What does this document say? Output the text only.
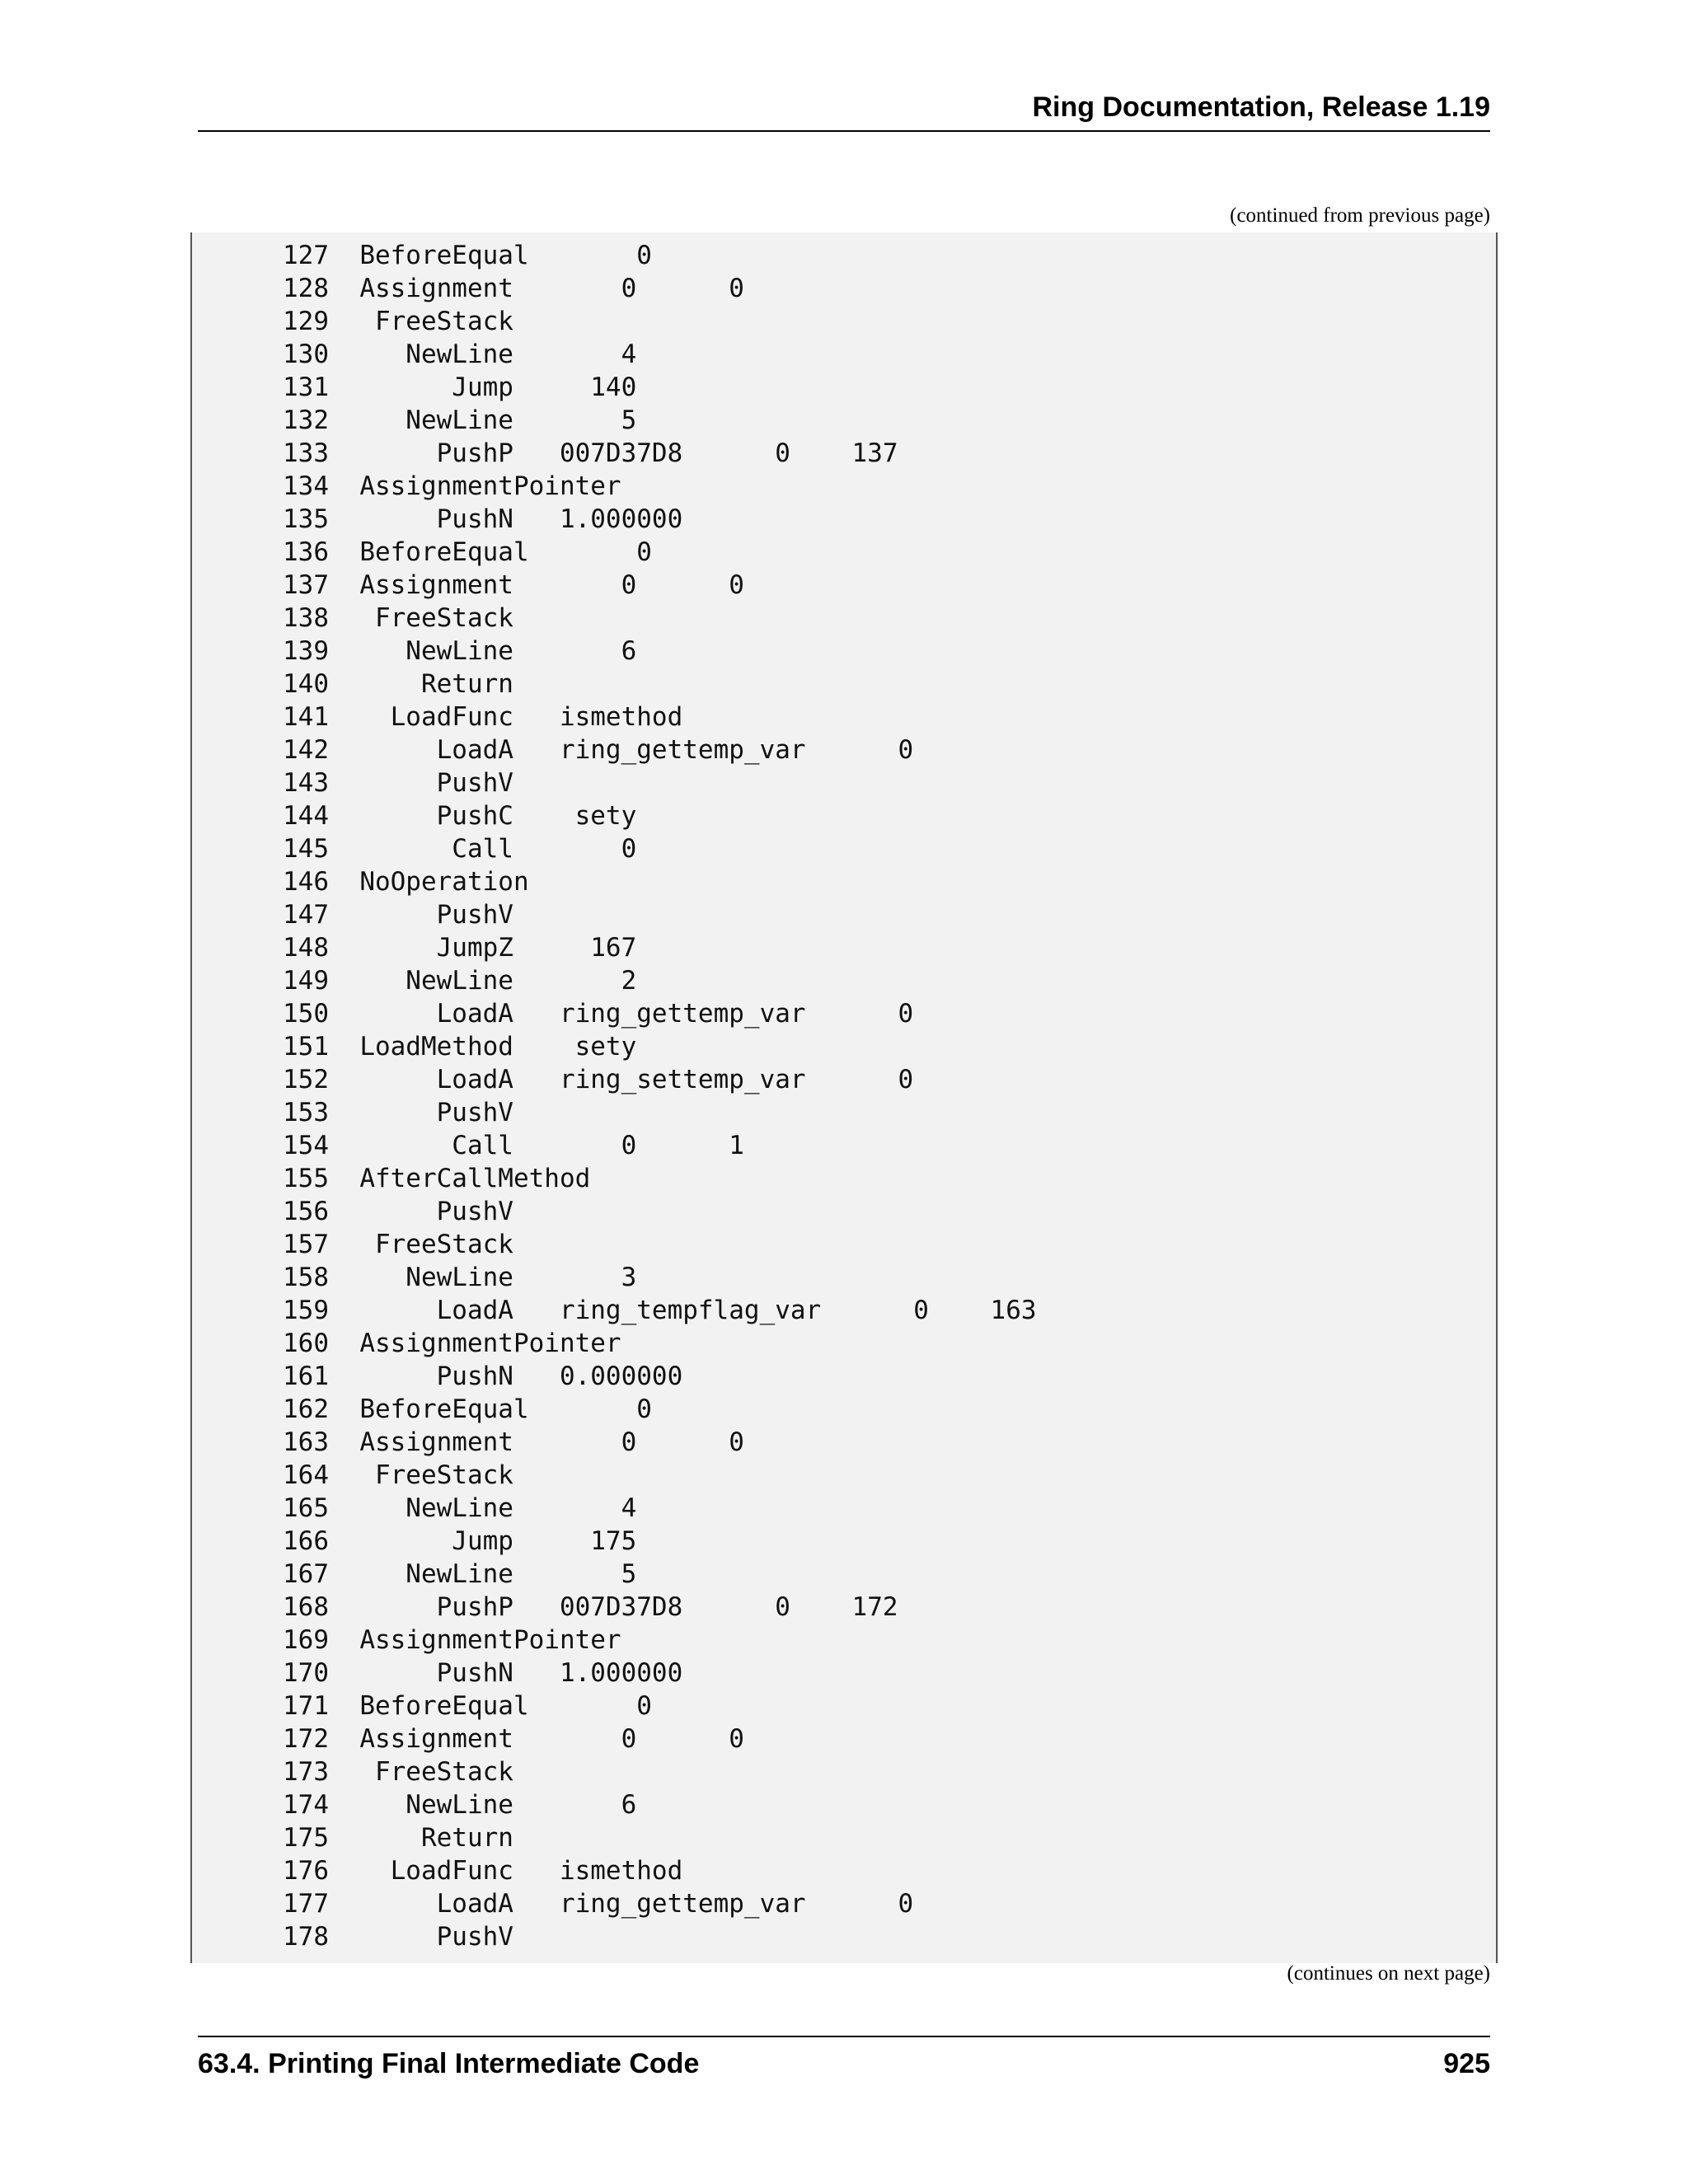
Ring Documentation, Release 1.19
(continued from previous page)
127  BeforeEqual       0
128  Assignment       0      0
129   FreeStack
130     NewLine       4
131        Jump     140
132     NewLine       5
133       PushP   007D37D8      0    137
134  AssignmentPointer
135       PushN   1.000000
136  BeforeEqual       0
137  Assignment       0      0
138   FreeStack
139     NewLine       6
140      Return
141    LoadFunc   ismethod
142       LoadA   ring_gettemp_var      0
143       PushV
144       PushC    sety
145        Call       0
146  NoOperation
147       PushV
148       JumpZ     167
149     NewLine       2
150       LoadA   ring_gettemp_var      0
151  LoadMethod    sety
152       LoadA   ring_settemp_var      0
153       PushV
154        Call       0      1
155  AfterCallMethod
156       PushV
157   FreeStack
158     NewLine       3
159       LoadA   ring_tempflag_var      0    163
160  AssignmentPointer
161       PushN   0.000000
162  BeforeEqual       0
163  Assignment       0      0
164   FreeStack
165     NewLine       4
166        Jump     175
167     NewLine       5
168       PushP   007D37D8      0    172
169  AssignmentPointer
170       PushN   1.000000
171  BeforeEqual       0
172  Assignment       0      0
173   FreeStack
174     NewLine       6
175      Return
176    LoadFunc   ismethod
177       LoadA   ring_gettemp_var      0
178       PushV
(continues on next page)
63.4. Printing Final Intermediate Code	925
